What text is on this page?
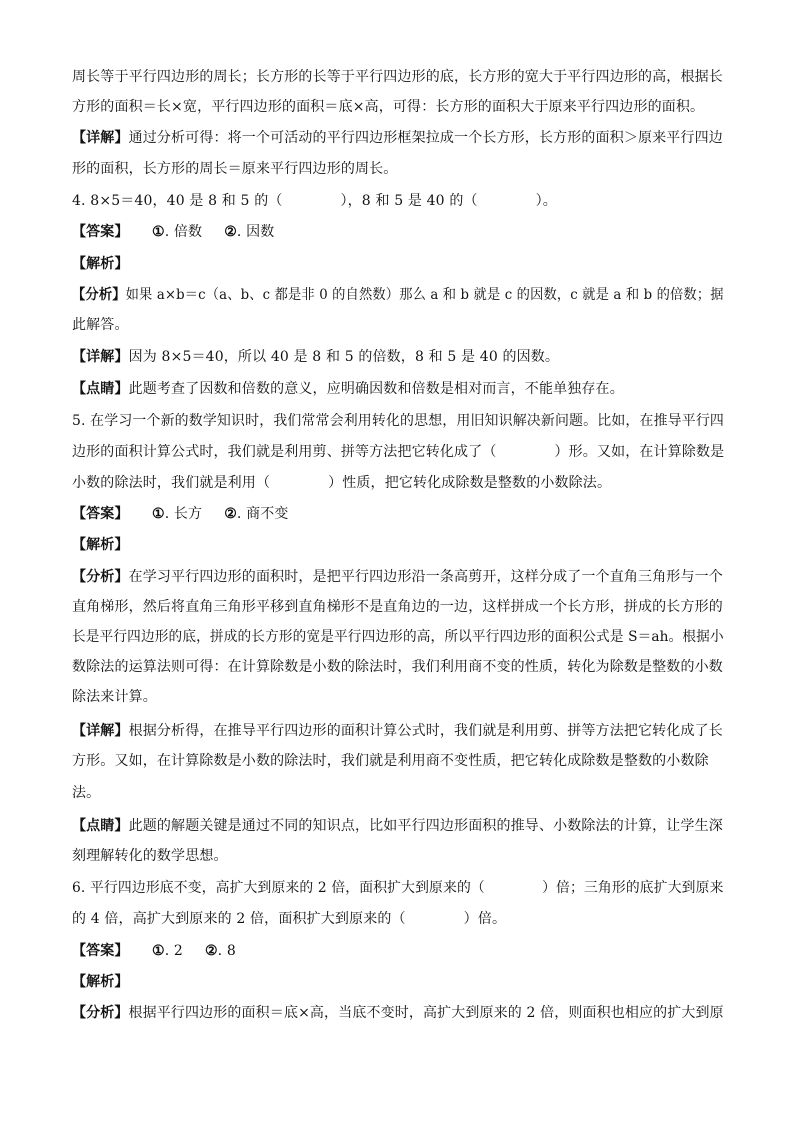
周长等于平行四边形的周长；长方形的长等于平行四边形的底，长方形的宽大于平行四边形的高，根据长
方形的面积＝长×宽，平行四边形的面积＝底×高，可得：长方形的面积大于原来平行四边形的面积。
【详解】通过分析可得：将一个可活动的平行四边形框架拉成一个长方形，长方形的面积＞原来平行四边
形的面积，长方形的周长＝原来平行四边形的周长。
4. 8×5＝40，40 是 8 和 5 的（	），8 和 5 是 40 的（	）。
【答案】 ①. 倍数 ②. 因数
【解析】
【分析】如果 a×b＝c（a、b、c 都是非 0 的自然数）那么 a 和 b 就是 c 的因数，c 就是 a 和 b 的倍数；据
此解答。
【详解】因为 8×5＝40，所以 40 是 8 和 5 的倍数，8 和 5 是 40 的因数。
【点睛】此题考查了因数和倍数的意义，应明确因数和倍数是相对而言，不能单独存在。
5. 在学习一个新的数学知识时，我们常常会利用转化的思想，用旧知识解决新问题。比如，在推导平行四
边形的面积计算公式时，我们就是利用剪、拼等方法把它转化成了（	）形。又如，在计算除数是
小数的除法时，我们就是利用（	）性质，把它转化成除数是整数的小数除法。
【答案】 ①. 长方 ②. 商不变
【解析】
【分析】在学习平行四边形的面积时，是把平行四边形沿一条高剪开，这样分成了一个直角三角形与一个
直角梯形，然后将直角三角形平移到直角梯形不是直角边的一边，这样拼成一个长方形，拼成的长方形的
长是平行四边形的底，拼成的长方形的宽是平行四边形的高，所以平行四边形的面积公式是 S＝ah。根据小
数除法的运算法则可得：在计算除数是小数的除法时，我们利用商不变的性质，转化为除数是整数的小数
除法来计算。
【详解】根据分析得，在推导平行四边形的面积计算公式时，我们就是利用剪、拼等方法把它转化成了长
方形。又如，在计算除数是小数的除法时，我们就是利用商不变性质，把它转化成除数是整数的小数除
法。
【点睛】此题的解题关键是通过不同的知识点，比如平行四边形面积的推导、小数除法的计算，让学生深
刻理解转化的数学思想。
6. 平行四边形底不变，高扩大到原来的 2 倍，面积扩大到原来的（	）倍；三角形的底扩大到原来
的 4 倍，高扩大到原来的 2 倍，面积扩大到原来的（	）倍。
【答案】 ①. 2 ②. 8
【解析】
【分析】根据平行四边形的面积＝底×高，当底不变时，高扩大到原来的 2 倍，则面积也相应的扩大到原
